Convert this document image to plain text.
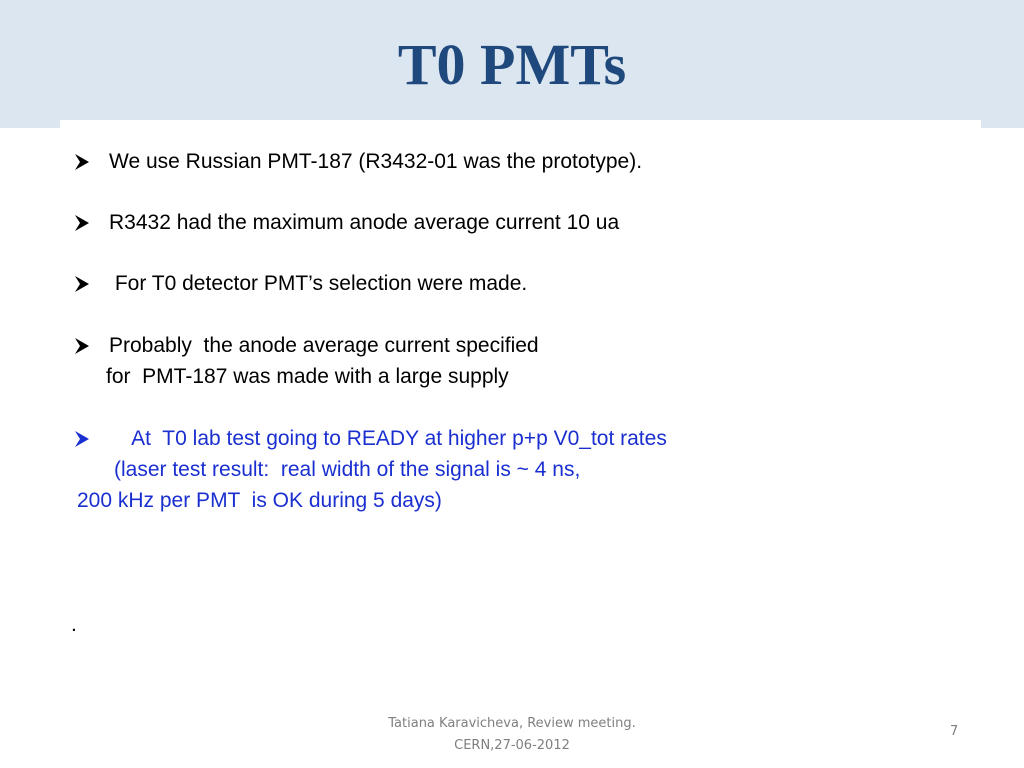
T0 PMTs

We use Russian PMT-187 (R3432-01 was the prototype).

R3432 had the maximum anode average current 10 ua

For T0 detector PMT’s selection were made.

Probably  the anode average current specified

for  PMT-187 was made with a large supply

At  T0 lab test going to READY at higher p+p V0_tot rates

(laser test result:  real width of the signal is ~ 4 ns,

200 kHz per PMT  is OK during 5 days)

.

Tatiana Karavicheva, Review meeting.
CERN,27-06-2012
7
